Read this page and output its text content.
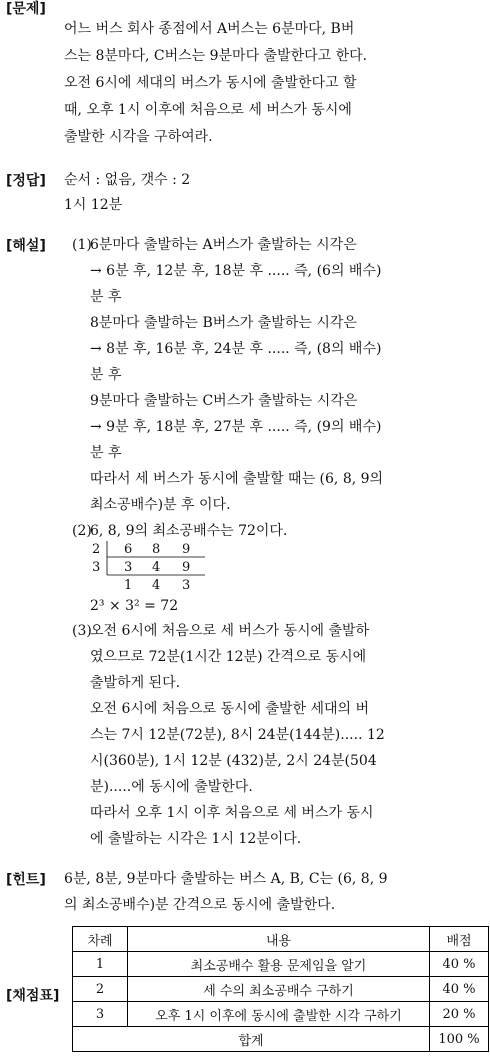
[문제]
어느 버스 회사 종점에서 A버스는 6분마다, B버
스는 8분마다, C버스는 9분마다 출발한다고 한다.
오전 6시에 세대의 버스가 동시에 출발한다고 할
때, 오후 1시 이후에 처음으로 세 버스가 동시에
출발한 시각을 구하여라.
[정답] 순서 : 없음, 갯수 : 2
1시 12분
[해설] (1)
6분마다 출발하는 A버스가 출발하는 시각은
→ 6분 후, 12분 후, 18분 후 ..... 즉, (6의 배수)
분 후
8분마다 출발하는 B버스가 출발하는 시각은
→ 8분 후, 16분 후, 24분 후 ..... 즉, (8의 배수)
분 후
9분마다 출발하는 C버스가 출발하는 시각은
→ 9분 후, 18분 후, 27분 후 ..... 즉, (9의 배수)
분 후
따라서 세 버스가 동시에 출발할 때는 (6, 8, 9의
최소공배수)분 후 이다.
(2)
6, 8, 9의 최소공배수는 72이다.
2 6 8 9
3 3 4 9
1 4 3
2³ × 3² = 72
(3)
오전 6시에 처음으로 세 버스가 동시에 출발하
였으므로 72분(1시간 12분) 간격으로 동시에
출발하게 된다.
오전 6시에 처음으로 동시에 출발한 세대의 버
스는 7시 12분(72분), 8시 24분(144분)..... 12
시(360분), 1시 12분 (432)분, 2시 24분(504
분).....에 동시에 출발한다.
따라서 오후 1시 이후 처음으로 세 버스가 동시
에 출발하는 시각은 1시 12분이다.
[힌트] 6분, 8분, 9분마다 출발하는 버스 A, B, C는 (6, 8, 9
의 최소공배수)분 간격으로 동시에 출발한다.
[채점표]
차례	내용	배점
1	최소공배수 활용 문제임을 알기	40 %
2	세 수의 최소공배수 구하기	40 %
3	오후 1시 이후에 동시에 출발한 시각 구하기	20 %
합계		100 %
